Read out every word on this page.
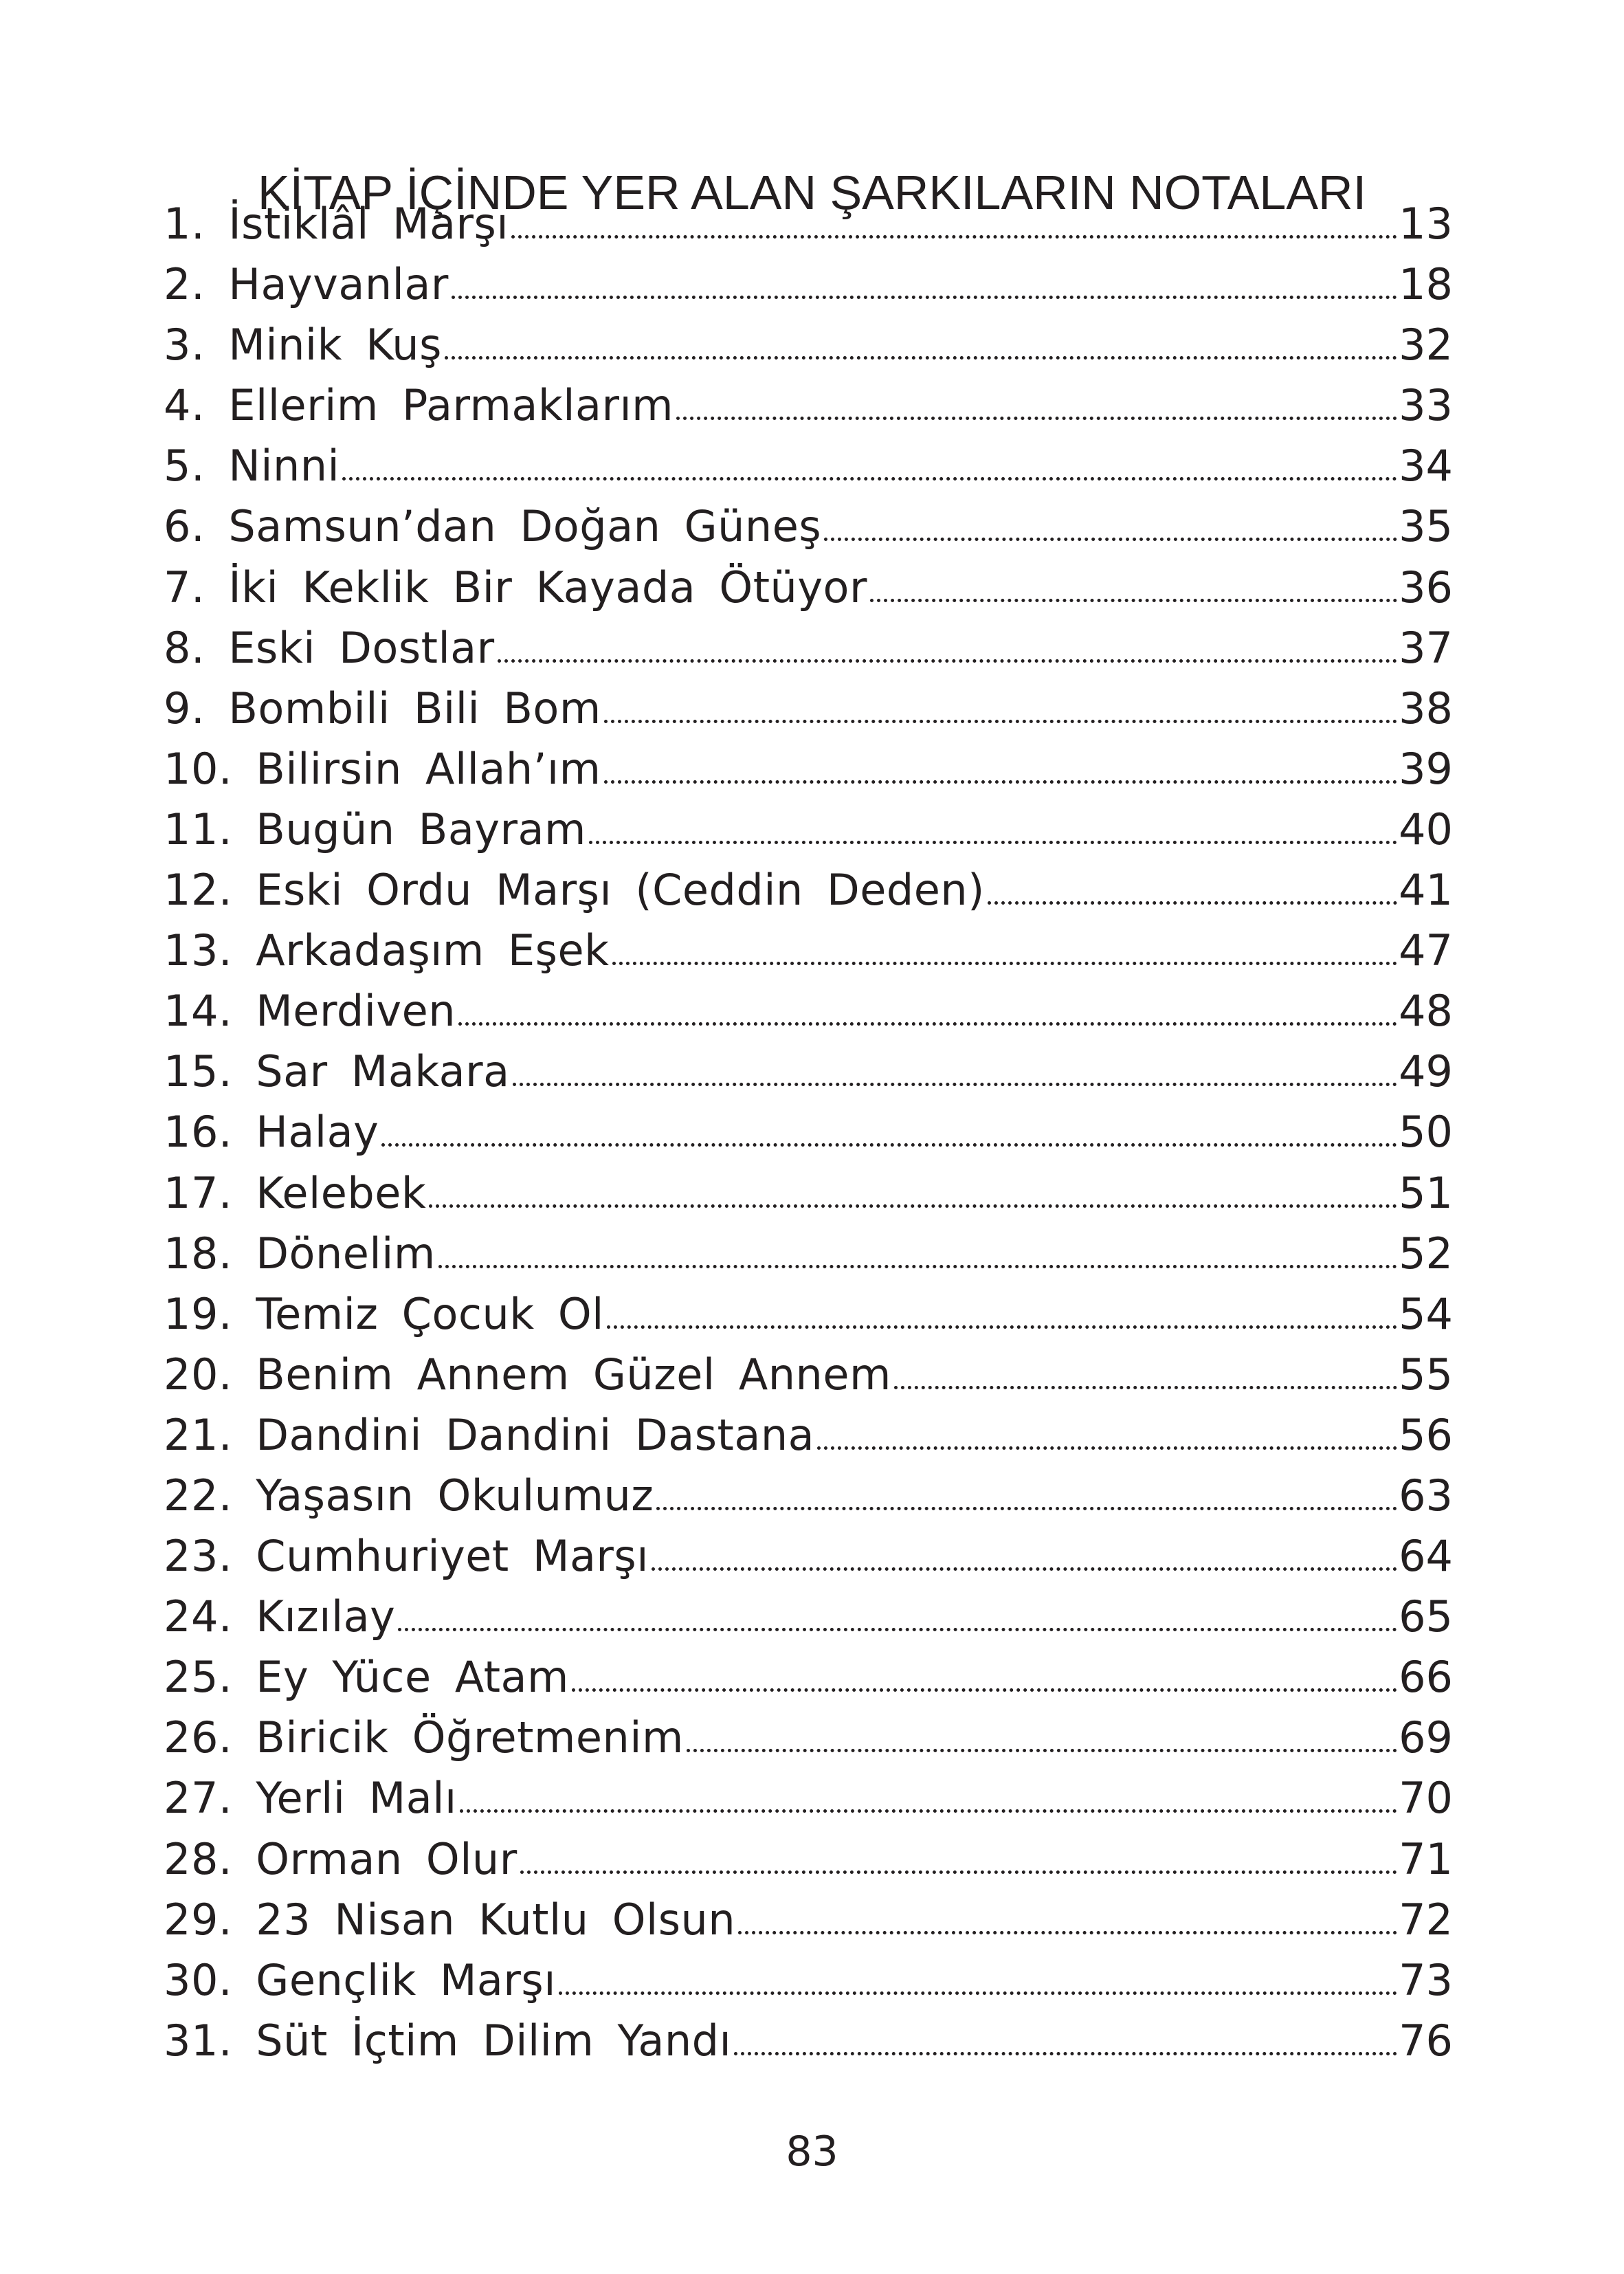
KİTAP İÇİNDE YER ALAN ŞARKILARIN NOTALARI
1. İstiklâl Marşı	13
2. Hayvanlar	18
3. Minik Kuş	32
4. Ellerim Parmaklarım	33
5. Ninni	34
6. Samsun’dan Doğan Güneş	35
7. İki Keklik Bir Kayada Ötüyor	36
8. Eski Dostlar	37
9. Bombili Bili Bom	38
10. Bilirsin Allah’ım	39
11. Bugün Bayram	40
12. Eski Ordu Marşı (Ceddin Deden)	41
13. Arkadaşım Eşek	47
14. Merdiven	48
15. Sar Makara	49
16. Halay	50
17. Kelebek	51
18. Dönelim	52
19. Temiz Çocuk Ol	54
20. Benim Annem Güzel Annem	55
21. Dandini Dandini Dastana	56
22. Yaşasın Okulumuz	63
23. Cumhuriyet Marşı	64
24. Kızılay	65
25. Ey Yüce Atam	66
26. Biricik Öğretmenim	69
27. Yerli Malı	70
28. Orman Olur	71
29. 23 Nisan Kutlu Olsun	72
30. Gençlik Marşı	73
31. Süt İçtim Dilim Yandı	76
83
